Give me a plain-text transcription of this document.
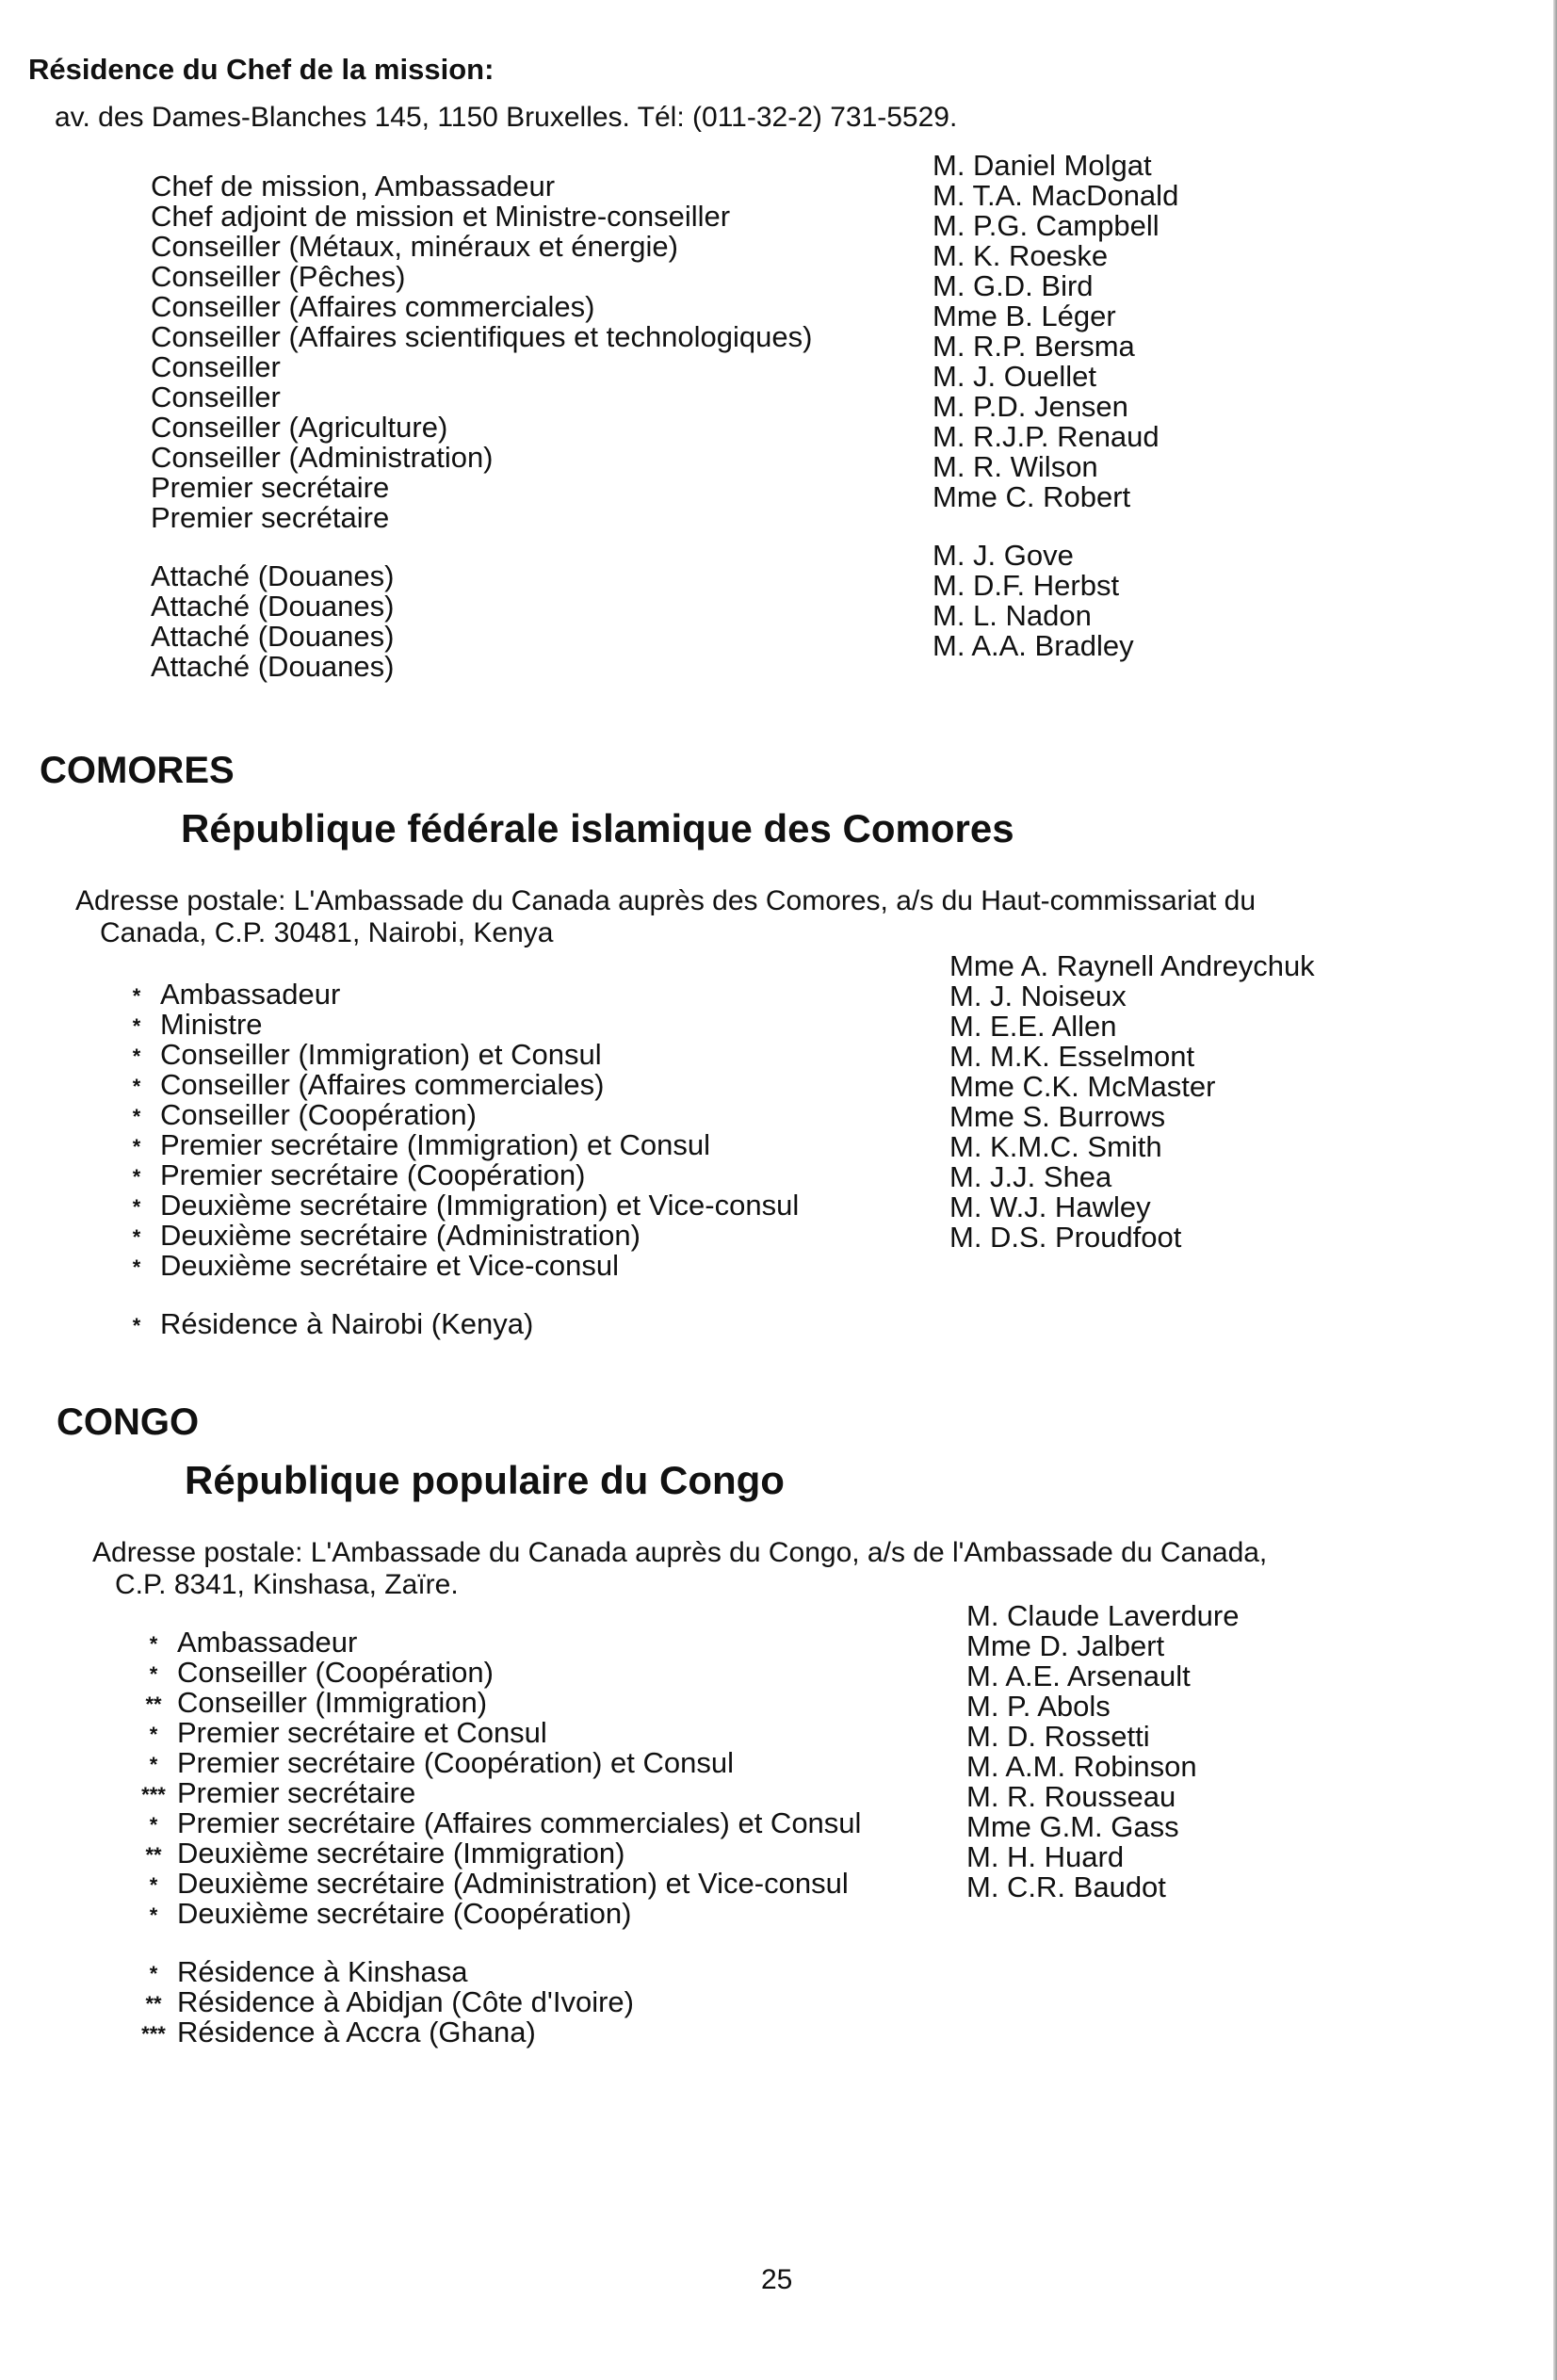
Résidence du Chef de la mission:
av. des Dames-Blanches 145, 1150 Bruxelles. Tél: (011-32-2) 731-5529.
Chef de mission, Ambassadeur
Chef adjoint de mission et Ministre-conseiller
Conseiller (Métaux, minéraux et énergie)
Conseiller (Pêches)
Conseiller (Affaires commerciales)
Conseiller (Affaires scientifiques et technologiques)
Conseiller
Conseiller
Conseiller (Agriculture)
Conseiller (Administration)
Premier secrétaire
Premier secrétaire
Attaché (Douanes)
Attaché (Douanes)
Attaché (Douanes)
Attaché (Douanes)
M. Daniel Molgat
M. T.A. MacDonald
M. P.G. Campbell
M. K. Roeske
M. G.D. Bird
Mme B. Léger
M. R.P. Bersma
M. J. Ouellet
M. P.D. Jensen
M. R.J.P. Renaud
M. R. Wilson
Mme C. Robert
M. J. Gove
M. D.F. Herbst
M. L. Nadon
M. A.A. Bradley
COMORES
République fédérale islamique des Comores
Adresse postale: L'Ambassade du Canada auprès des Comores, a/s du Haut-commissariat du
Canada, C.P. 30481, Nairobi, Kenya
* Ambassadeur
* Ministre
* Conseiller (Immigration) et Consul
* Conseiller (Affaires commerciales)
* Conseiller (Coopération)
* Premier secrétaire (Immigration) et Consul
* Premier secrétaire (Coopération)
* Deuxième secrétaire (Immigration) et Vice-consul
* Deuxième secrétaire (Administration)
* Deuxième secrétaire et Vice-consul
* Résidence à Nairobi (Kenya)
Mme A. Raynell Andreychuk
M. J. Noiseux
M. E.E. Allen
M. M.K. Esselmont
Mme C.K. McMaster
Mme S. Burrows
M. K.M.C. Smith
M. J.J. Shea
M. W.J. Hawley
M. D.S. Proudfoot
CONGO
République populaire du Congo
Adresse postale: L'Ambassade du Canada auprès du Congo, a/s de l'Ambassade du Canada,
C.P. 8341, Kinshasa, Zaïre.
* Ambassadeur
* Conseiller (Coopération)
** Conseiller (Immigration)
* Premier secrétaire et Consul
* Premier secrétaire (Coopération) et Consul
*** Premier secrétaire
* Premier secrétaire (Affaires commerciales) et Consul
** Deuxième secrétaire (Immigration)
* Deuxième secrétaire (Administration) et Vice-consul
* Deuxième secrétaire (Coopération)
* Résidence à Kinshasa
** Résidence à Abidjan (Côte d'Ivoire)
*** Résidence à Accra (Ghana)
M. Claude Laverdure
Mme D. Jalbert
M. A.E. Arsenault
M. P. Abols
M. D. Rossetti
M. A.M. Robinson
M. R. Rousseau
Mme G.M. Gass
M. H. Huard
M. C.R. Baudot
25
